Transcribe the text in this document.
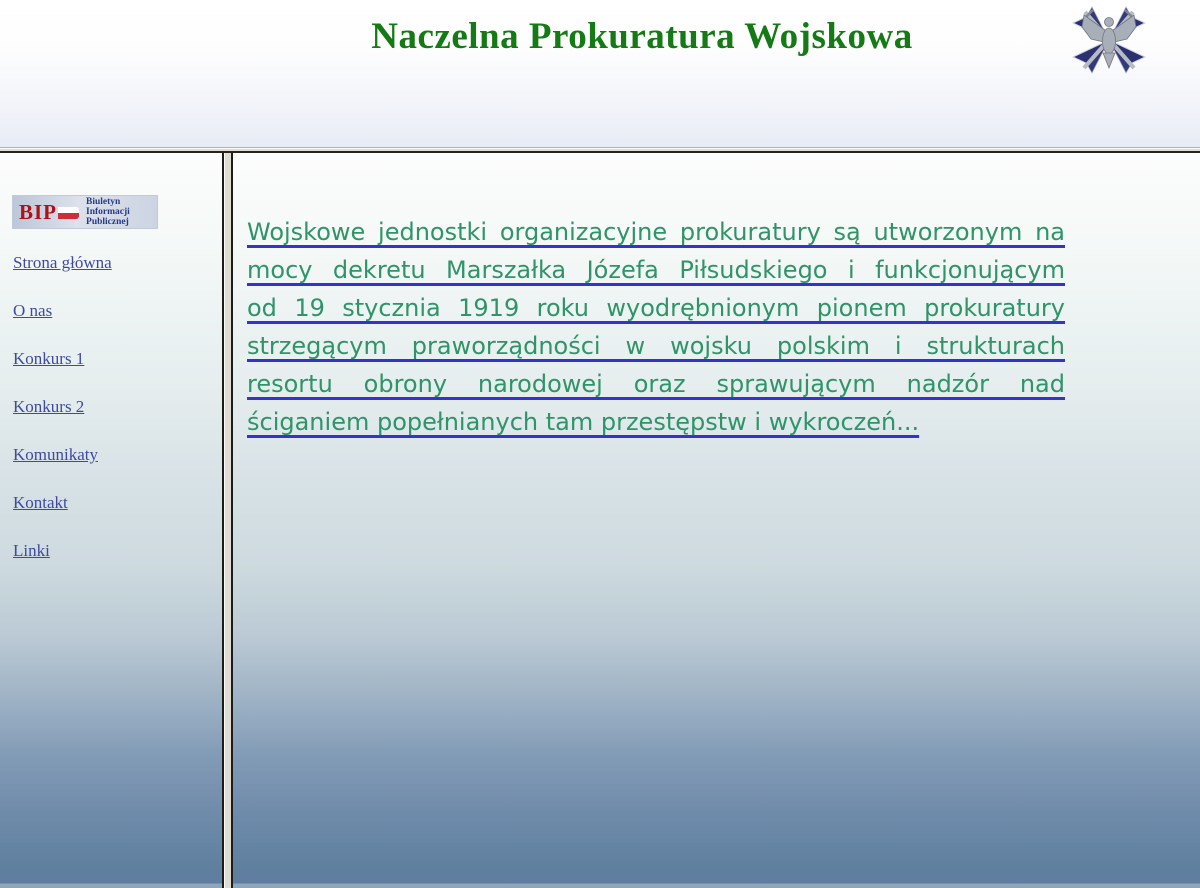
Naczelna Prokuratura Wojskowa
BIP	Biuletyn
Informacji
Publicznej
Strona główna
O nas
Konkurs 1
Konkurs 2
Komunikaty
Kontakt
Linki
Wojskowe jednostki organizacyjne prokuratury są utworzonym na
mocy dekretu Marszałka Józefa Piłsudskiego i funkcjonującym
od 19 stycznia 1919 roku wyodrębnionym pionem prokuratury
strzegącym praworządności w wojsku polskim i strukturach
resortu obrony narodowej oraz sprawującym nadzór nad
ściganiem popełnianych tam przestępstw i wykroczeń...
